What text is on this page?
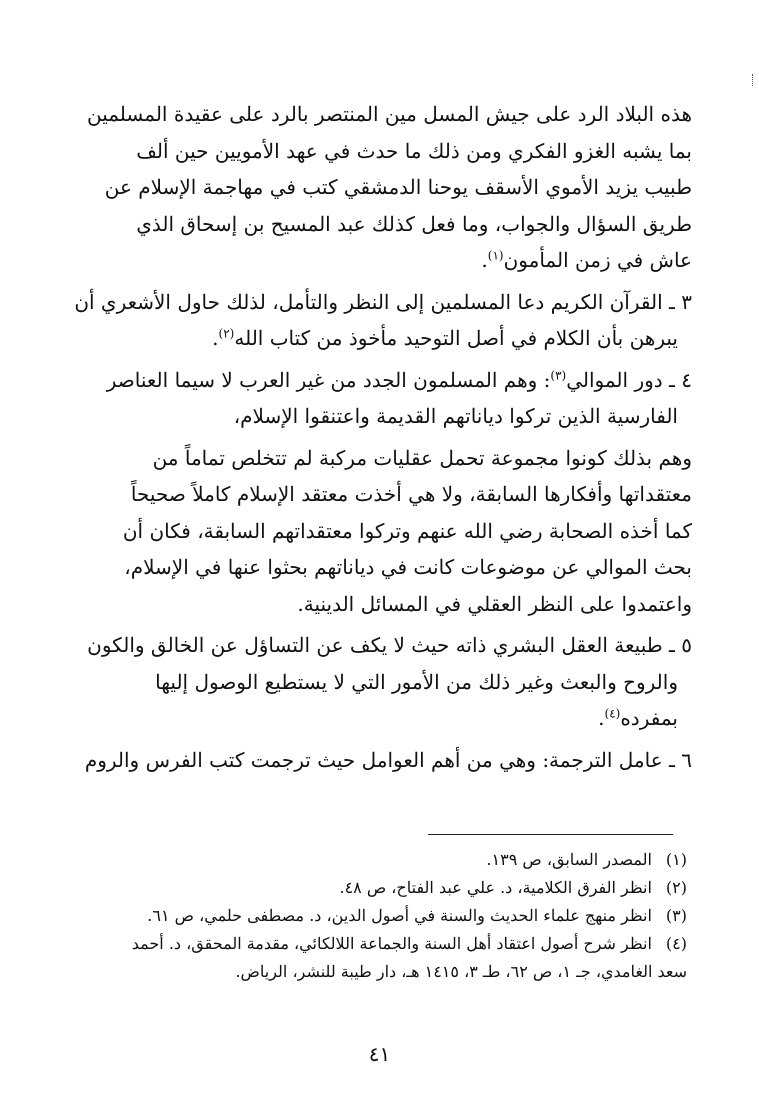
هذه البلاد الرد على جيش المسل مين المنتصر بالرد على عقيدة المسلمين
بما يشبه الغزو الفكري ومن ذلك ما حدث في عهد الأمويين حين ألف
طبيب يزيد الأموي الأسقف يوحنا الدمشقي كتب في مهاجمة الإسلام عن
طريق السؤال والجواب، وما فعل كذلك عبد المسيح بن إسحاق الذي
عاش في زمن المأمون$^{(١)}$.
٣ ـ القرآن الكريم دعا المسلمين إلى النظر والتأمل، لذلك حاول الأشعري أن
يبرهن بأن الكلام في أصل التوحيد مأخوذ من كتاب الله$^{(٢)}$.
٤ ـ دور الموالي$^{(٣)}$: وهم المسلمون الجدد من غير العرب لا سيما العناصر
الفارسية الذين تركوا دياناتهم القديمة واعتنقوا الإسلام،
وهم بذلك كونوا مجموعة تحمل عقليات مركبة لم تتخلص تماماً من
معتقداتها وأفكارها السابقة، ولا هي أخذت معتقد الإسلام كاملاً صحيحاً
كما أخذه الصحابة رضي الله عنهم وتركوا معتقداتهم السابقة، فكان أن
بحث الموالي عن موضوعات كانت في دياناتهم بحثوا عنها في الإسلام،
واعتمدوا على النظر العقلي في المسائل الدينية.
٥ ـ طبيعة العقل البشري ذاته حيث لا يكف عن التساؤل عن الخالق والكون
والروح والبعث وغير ذلك من الأمور التي لا يستطيع الوصول إليها
بمفرده$^{(٤)}$.
٦ ـ عامل الترجمة: وهي من أهم العوامل حيث ترجمت كتب الفرس والروم
(١) المصدر السابق، ص ١٣٩.
(٢) انظر الفرق الكلامية، د. علي عبد الفتاح، ص ٤٨.
(٣) انظر منهج علماء الحديث والسنة في أصول الدين، د. مصطفى حلمي، ص ٦١.
(٤) انظر شرح أصول اعتقاد أهل السنة والجماعة اللالكائي، مقدمة المحقق، د. أحمد
سعد الغامدي، جـ ١، ص ٦٢، طـ ٣، ١٤١٥ هـ، دار طيبة للنشر، الرياض.
٤١
